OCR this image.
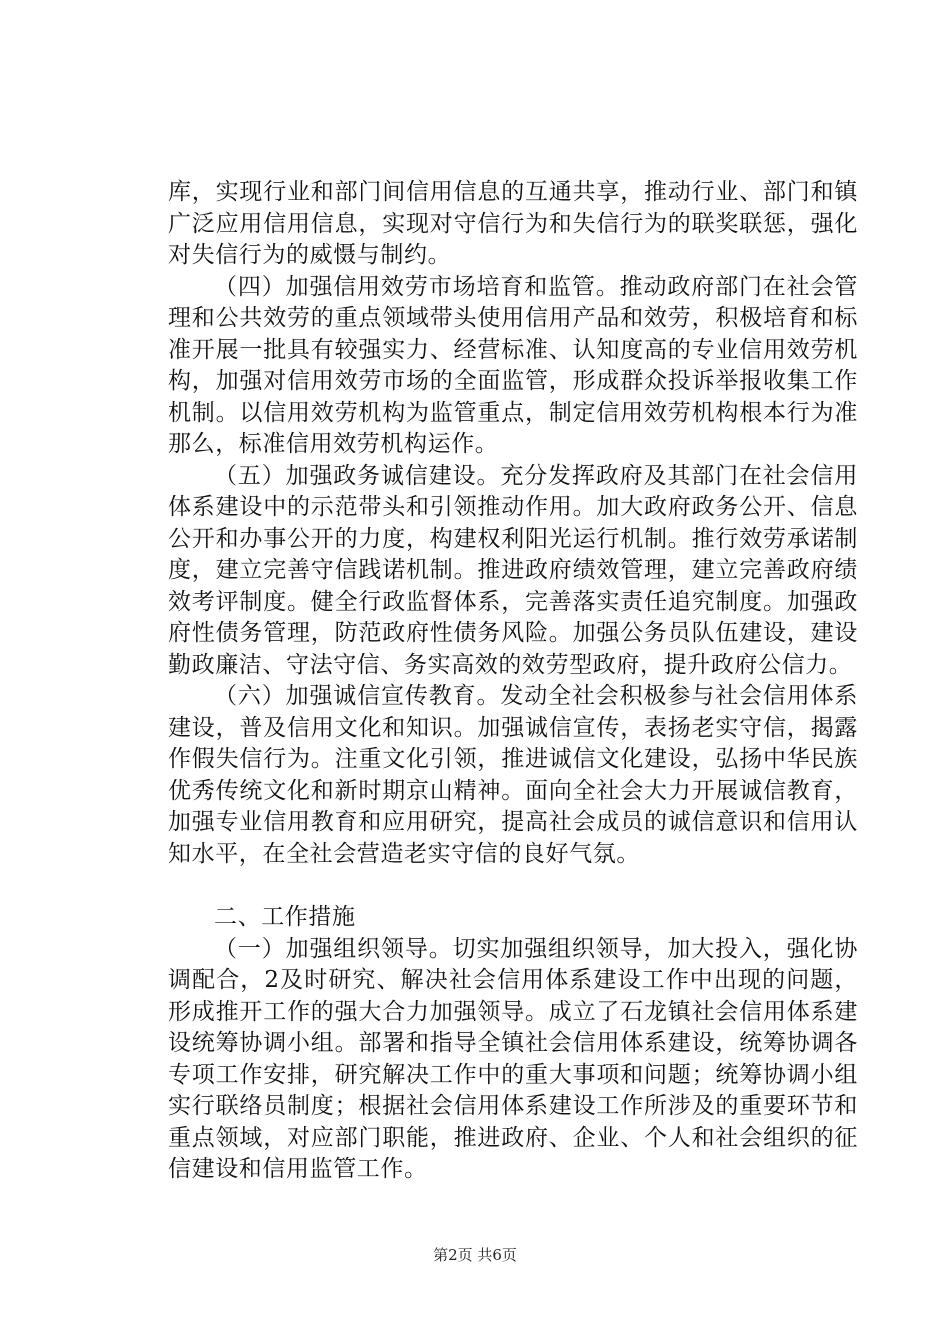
库，实现行业和部门间信用信息的互通共享，推动行业、部门和镇广泛应用信用信息，实现对守信行为和失信行为的联奖联惩，强化对失信行为的威慑与制约。

（四）加强信用效劳市场培育和监管。推动政府部门在社会管理和公共效劳的重点领域带头使用信用产品和效劳，积极培育和标准开展一批具有较强实力、经营标准、认知度高的专业信用效劳机构，加强对信用效劳市场的全面监管，形成群众投诉举报收集工作机制。以信用效劳机构为监管重点，制定信用效劳机构根本行为准那么，标准信用效劳机构运作。

（五）加强政务诚信建设。充分发挥政府及其部门在社会信用体系建设中的示范带头和引领推动作用。加大政府政务公开、信息公开和办事公开的力度，构建权利阳光运行机制。推行效劳承诺制度，建立完善守信践诺机制。推进政府绩效管理，建立完善政府绩效考评制度。健全行政监督体系，完善落实责任追究制度。加强政府性债务管理，防范政府性债务风险。加强公务员队伍建设，建设勤政廉洁、守法守信、务实高效的效劳型政府，提升政府公信力。

（六）加强诚信宣传教育。发动全社会积极参与社会信用体系建设，普及信用文化和知识。加强诚信宣传，表扬老实守信，揭露作假失信行为。注重文化引领，推进诚信文化建设，弘扬中华民族优秀传统文化和新时期京山精神。面向全社会大力开展诚信教育，加强专业信用教育和应用研究，提高社会成员的诚信意识和信用认知水平，在全社会营造老实守信的良好气氛。

二、工作措施

（一）加强组织领导。切实加强组织领导，加大投入，强化协调配合，2及时研究、解决社会信用体系建设工作中出现的问题，形成推开工作的强大合力加强领导。成立了石龙镇社会信用体系建设统筹协调小组。部署和指导全镇社会信用体系建设，统筹协调各专项工作安排，研究解决工作中的重大事项和问题；统筹协调小组实行联络员制度；根据社会信用体系建设工作所涉及的重要环节和重点领域，对应部门职能，推进政府、企业、个人和社会组织的征信建设和信用监管工作。

第2页 共6页
